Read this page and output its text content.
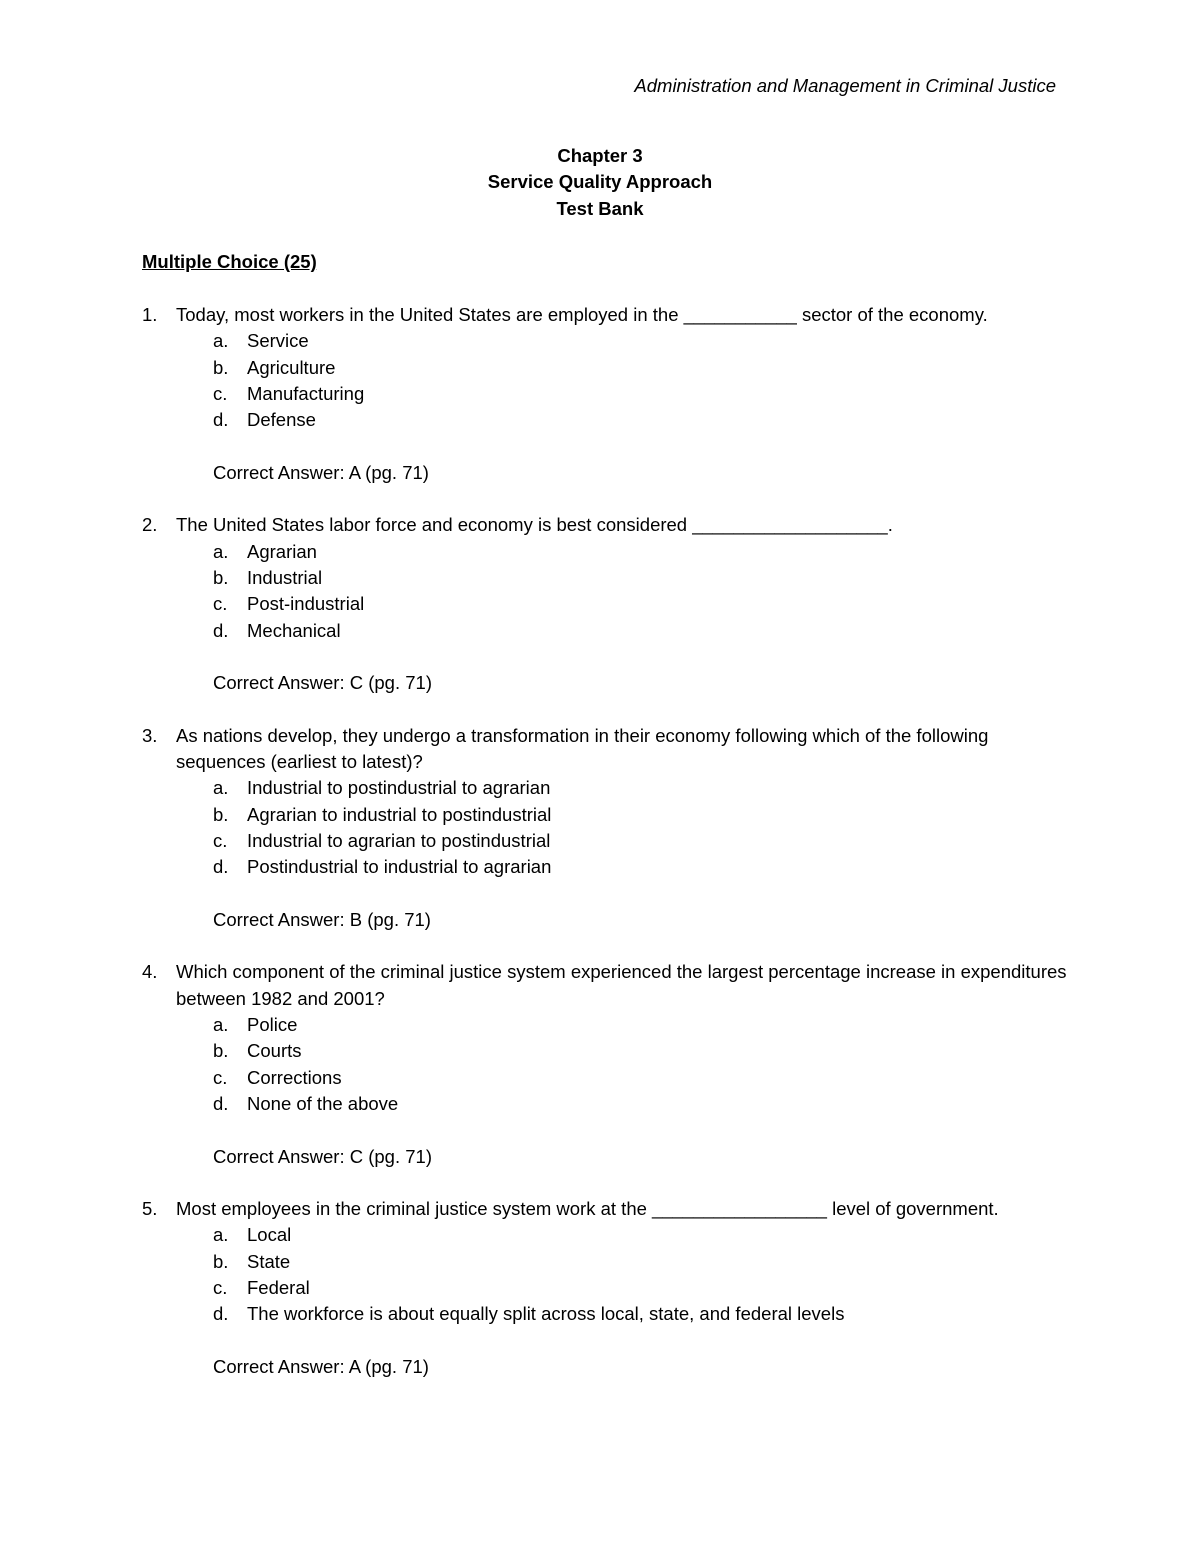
Administration and Management in Criminal Justice
Chapter 3
Service Quality Approach
Test Bank
Multiple Choice (25)
1.	Today, most workers in the United States are employed in the ___________ sector of the economy.
a. Service
b. Agriculture
c. Manufacturing
d. Defense
Correct Answer: A (pg. 71)
2.	The United States labor force and economy is best considered ___________________.
a. Agrarian
b. Industrial
c. Post-industrial
d. Mechanical
Correct Answer: C (pg. 71)
3.	As nations develop, they undergo a transformation in their economy following which of the following sequences (earliest to latest)?
a. Industrial to postindustrial to agrarian
b. Agrarian to industrial to postindustrial
c. Industrial to agrarian to postindustrial
d. Postindustrial to industrial to agrarian
Correct Answer: B (pg. 71)
4.	Which component of the criminal justice system experienced the largest percentage increase in expenditures between 1982 and 2001?
a. Police
b. Courts
c. Corrections
d. None of the above
Correct Answer: C (pg. 71)
5.	Most employees in the criminal justice system work at the _________________ level of government.
a. Local
b. State
c. Federal
d. The workforce is about equally split across local, state, and federal levels
Correct Answer: A (pg. 71)
